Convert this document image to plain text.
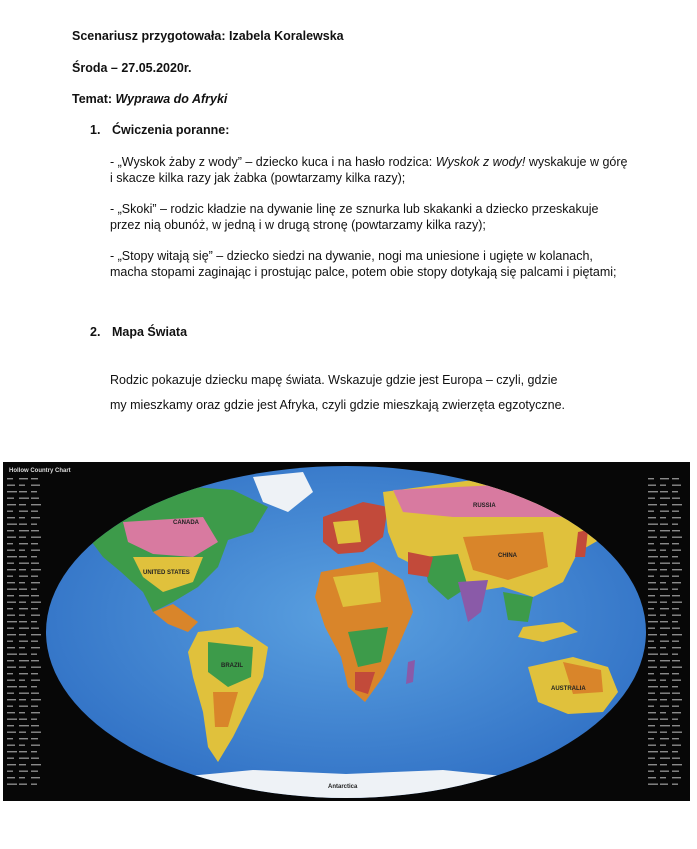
Scenariusz przygotowała: Izabela Koralewska
Środa – 27.05.2020r.
Temat: Wyprawa do Afryki
1. Ćwiczenia poranne:
- „Wyskok żaby z wody” – dziecko kuca i na hasło rodzica: Wyskok z wody! wyskakuje w górę
i skacze kilka razy jak żabka (powtarzamy kilka razy);
- „Skoki” – rodzic kładzie na dywanie linę ze sznurka lub skakanki a dziecko przeskakuje
przez nią obunóż, w jedną i w drugą stronę (powtarzamy kilka razy);
- „Stopy witają się” – dziecko siedzi na dywanie, nogi ma uniesione i ugięte w kolanach,
macha stopami zaginając i prostując palce, potem obie stopy dotykają się palcami i piętami;
2. Mapa Świata
Rodzic pokazuje dziecku mapę świata. Wskazuje gdzie jest Europa – czyli, gdzie
my mieszkamy oraz gdzie jest Afryka, czyli gdzie mieszkają zwierzęta egzotyczne.
Hollow Country Chart
CANADA
UNITED STATES
BRAZIL
RUSSIA
CHINA
AUSTRALIA
Antarctica
